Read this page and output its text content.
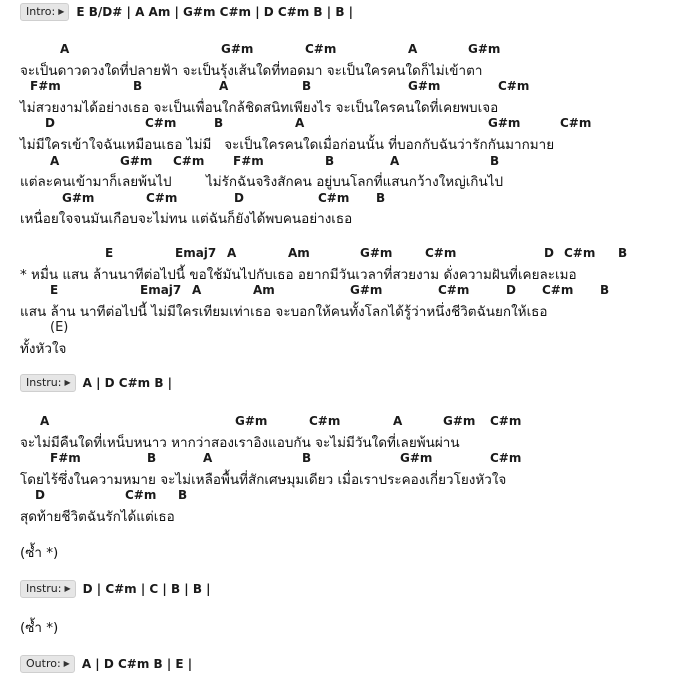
Intro: ▶ E B/D# | A Am | G#m C#m | D C#m B | B |
A	G#m	C#m	A	G#m
จะเป็นดาวดวงใดที่ปลายฟ้า จะเป็นรุ้งเส้นใดที่ทอดมา จะเป็นใครคนใดก็ไม่เข้าตา
F#m	B	A	B	G#m	C#m
ไม่สวยงามได้อย่างเธอ จะเป็นเพื่อนใกล้ชิดสนิทเพียงไร จะเป็นใครคนใดที่เคยพบเจอ
D	C#m	B	A	G#m	C#m
ไม่มีใครเข้าใจฉันเหมือนเธอ ไม่มี   จะเป็นใครคนใดเมื่อก่อนนั้น ที่บอกกับฉันว่ารักกันมากมาย
A	G#m C#m F#m	B	A	B
แต่ละคนเข้ามาก็เลยพ้นไป        ไม่รักฉันจริงสักคน อยู่บนโลกที่แสนกว้างใหญ่เกินไป
G#m	C#m	D	C#m B
เหนื่อยใจจนมันเกือบจะไม่ทน แต่ฉันก็ยังได้พบคนอย่างเธอ
E	Emaj7 A	Am	G#m	C#m	D C#m B
* หมื่น แสน ล้านนาทีต่อไปนี้ ขอใช้มันไปกับเธอ อยากมีวันเวลาที่สวยงาม ดั่งความฝันที่เคยละเมอ
E	Emaj7 A	Am	G#m	C#m	D C#m B
แสน ล้าน นาทีต่อไปนี้ ไม่มีใครเทียมเท่าเธอ จะบอกให้คนทั้งโลกได้รู้ว่าหนึ่งชีวิตฉันยกให้เธอ
(E)
ทั้งหัวใจ
Instru: ▶ A | D C#m B |
A	G#m	C#m	A	G#m C#m
จะไม่มีคืนใดที่เหน็บหนาว หากว่าสองเราอิงแอบกัน จะไม่มีวันใดที่เลยพ้นผ่าน
F#m	B	A	B	G#m	C#m
โดยไร้ซึ่งในความหมาย จะไม่เหลือพื้นที่สักเศษมุมเดียว เมื่อเราประคองเกี่ยวโยงหัวใจ
D	C#m B
สุดท้ายชีวิตฉันรักได้แต่เธอ
(ซ้ำ *)
Instru: ▶ D | C#m | C | B | B |
(ซ้ำ *)
Outro: ▶ A | D C#m B | E |
